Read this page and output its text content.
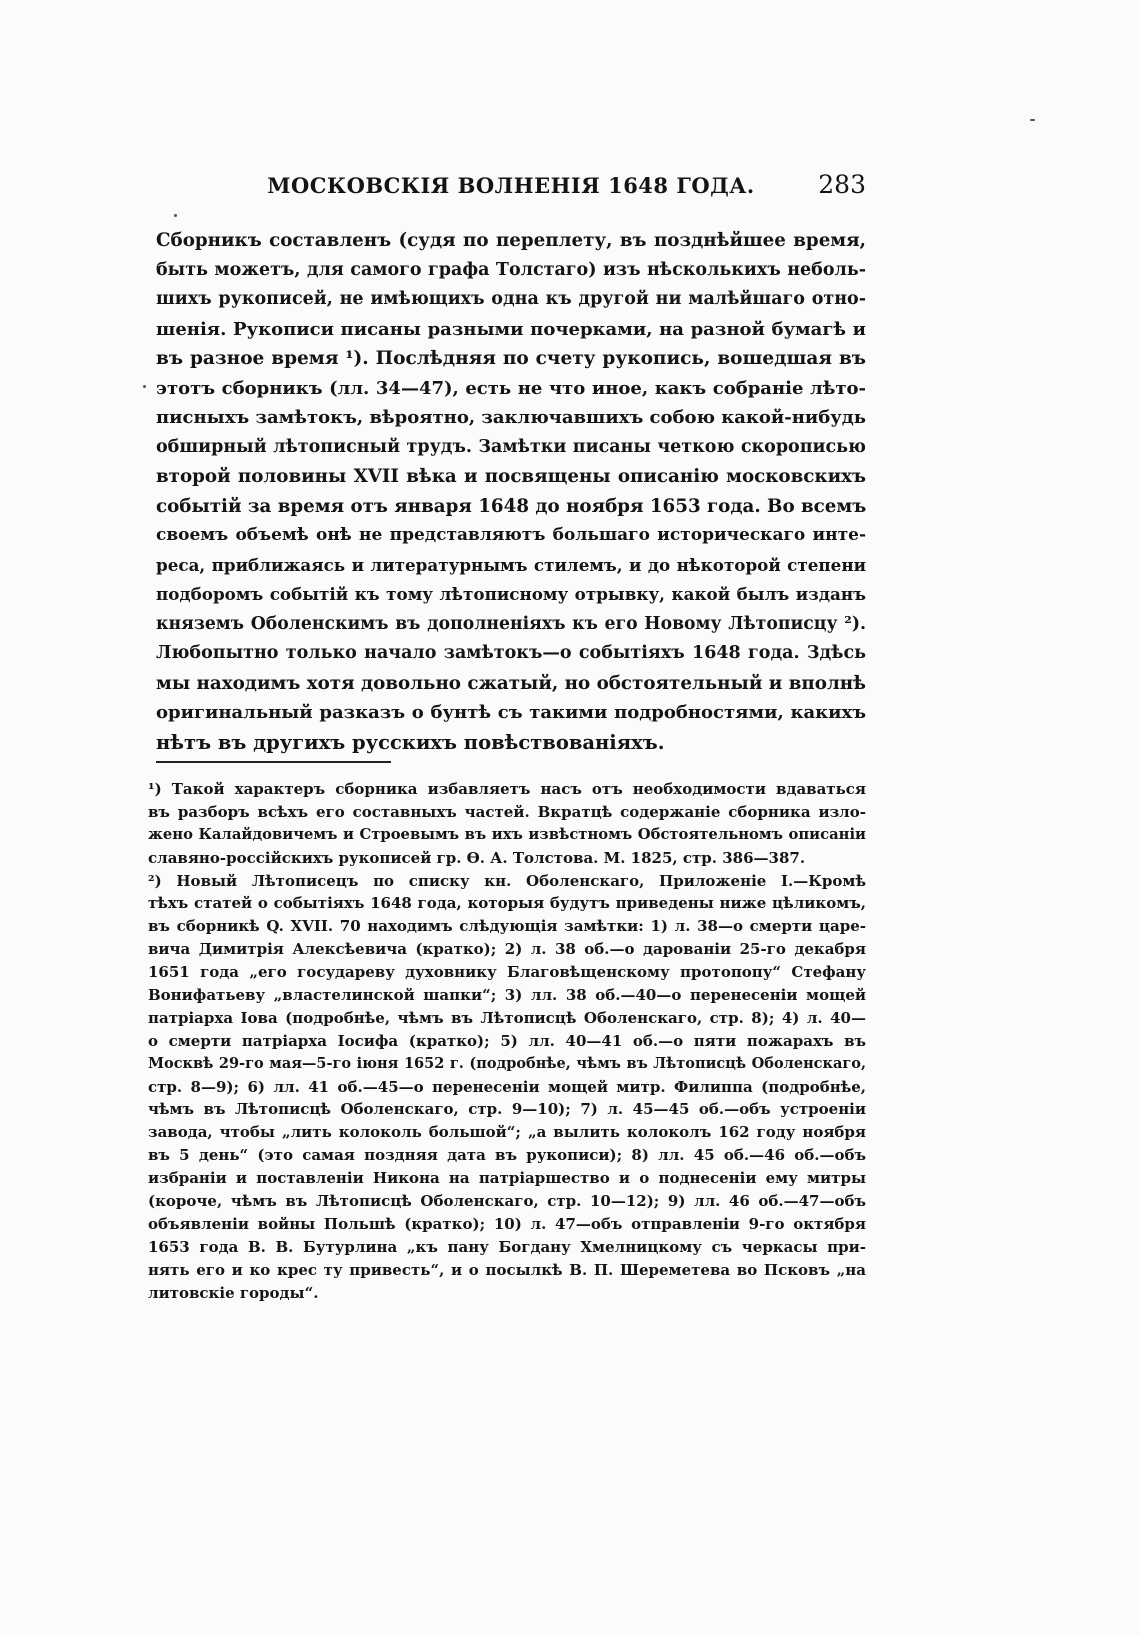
МОСКОВСКІЯ ВОЛНЕНІЯ 1648 ГОДА.	283
Сборникъ составленъ (судя по переплету, въ позднѣйшее время,
быть можетъ, для самого графа Толстаго) изъ нѣсколькихъ неболь-
шихъ рукописей, не имѣющихъ одна къ другой ни малѣйшаго отно-
шенія. Рукописи писаны разными почерками, на разной бумагѣ и
въ разное время ¹). Послѣдняя по счету рукопись, вошедшая въ
этотъ сборникъ (лл. 34—47), есть не что иное, какъ собраніе лѣто-
писныхъ замѣтокъ, вѣроятно, заключавшихъ собою какой-нибудь
обширный лѣтописный трудъ. Замѣтки писаны четкою скорописью
второй половины XVII вѣка и посвящены описанію московскихъ
событій за время отъ января 1648 до ноября 1653 года. Во всемъ
своемъ объемѣ онѣ не представляютъ большаго историческаго инте-
реса, приближаясь и литературнымъ стилемъ, и до нѣкоторой степени
подборомъ событій къ тому лѣтописному отрывку, какой былъ изданъ
княземъ Оболенскимъ въ дополненіяхъ къ его Новому Лѣтописцу ²).
Любопытно только начало замѣтокъ—о событіяхъ 1648 года. Здѣсь
мы находимъ хотя довольно сжатый, но обстоятельный и вполнѣ
оригинальный разказъ о бунтѣ съ такими подробностями, какихъ
нѣтъ въ другихъ русскихъ повѣствованіяхъ.
¹) Такой характеръ сборника избавляетъ насъ отъ необходимости вдаваться
въ разборъ всѣхъ его составныхъ частей. Вкратцѣ содержаніе сборника изло-
жено Калайдовичемъ и Строевымъ въ ихъ извѣстномъ Обстоятельномъ описаніи
славяно-россійскихъ рукописей гр. Ѳ. А. Толстова. М. 1825, стр. 386—387.
²) Новый Лѣтописецъ по списку кн. Оболенскаго, Приложеніе I.—Кромѣ
тѣхъ статей о событіяхъ 1648 года, которыя будутъ приведены ниже цѣликомъ,
въ сборникѣ Q. XVII. 70 находимъ слѣдующія замѣтки: 1) л. 38—о смерти царе-
вича Димитрія Алексѣевича (кратко); 2) л. 38 об.—о дарованіи 25-го декабря
1651 года „его государеву духовнику Благовѣщенскому протопопу“ Стефану
Вонифатьеву „властелинской шапки“; 3) лл. 38 об.—40—о перенесеніи мощей
патріарха Іова (подробнѣе, чѣмъ въ Лѣтописцѣ Оболенскаго, стр. 8); 4) л. 40—
о смерти патріарха Іосифа (кратко); 5) лл. 40—41 об.—о пяти пожарахъ въ
Москвѣ 29-го мая—5-го іюня 1652 г. (подробнѣе, чѣмъ въ Лѣтописцѣ Оболенскаго,
стр. 8—9); 6) лл. 41 об.—45—о перенесеніи мощей митр. Филиппа (подробнѣе,
чѣмъ въ Лѣтописцѣ Оболенскаго, стр. 9—10); 7) л. 45—45 об.—объ устроеніи
завода, чтобы „лить колоколь большой“; „а вылить колоколъ 162 году ноября
въ 5 день“ (это самая поздняя дата въ рукописи); 8) лл. 45 об.—46 об.—объ
избраніи и поставленіи Никона на патріаршество и о поднесеніи ему митры
(короче, чѣмъ въ Лѣтописцѣ Оболенскаго, стр. 10—12); 9) лл. 46 об.—47—объ
объявленіи войны Польшѣ (кратко); 10) л. 47—объ отправленіи 9-го октября
1653 года В. В. Бутурлина „къ пану Богдану Хмелницкому съ черкасы при-
нять его и ко крес ту привесть“, и о посылкѣ В. П. Шереметева во Псковъ „на
литовскіе городы“.
